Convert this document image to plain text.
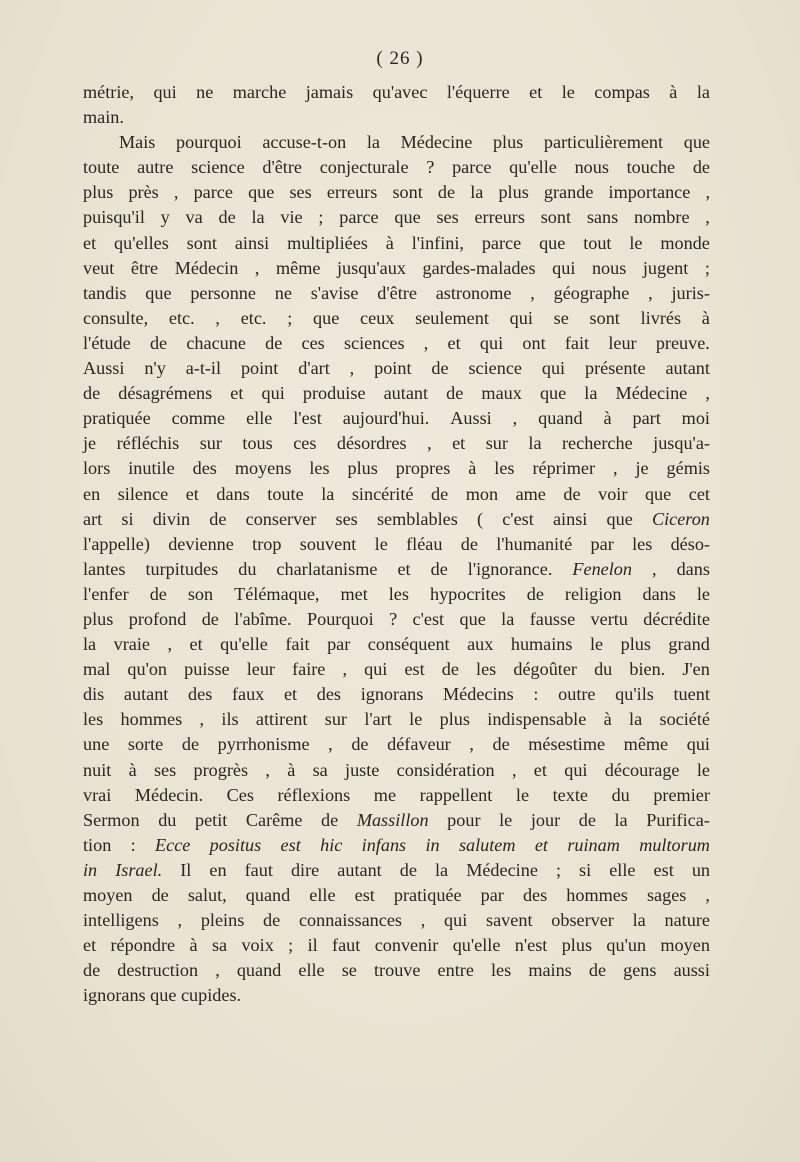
( 26 )
métrie, qui ne marche jamais qu'avec l'équerre et le compas à la
main.
Mais pourquoi accuse-t-on la Médecine plus particulièrement que
toute autre science d'être conjecturale ? parce qu'elle nous touche de
plus près , parce que ses erreurs sont de la plus grande importance ,
puisqu'il y va de la vie ; parce que ses erreurs sont sans nombre ,
et qu'elles sont ainsi multipliées à l'infini, parce que tout le monde
veut être Médecin , même jusqu'aux gardes-malades qui nous jugent ;
tandis que personne ne s'avise d'être astronome , géographe , juris-
consulte, etc. , etc. ; que ceux seulement qui se sont livrés à
l'étude de chacune de ces sciences , et qui ont fait leur preuve.
Aussi n'y a-t-il point d'art , point de science qui présente autant
de désagrémens et qui produise autant de maux que la Médecine ,
pratiquée comme elle l'est aujourd'hui. Aussi , quand à part moi
je réfléchis sur tous ces désordres , et sur la recherche jusqu'a-
lors inutile des moyens les plus propres à les réprimer , je gémis
en silence et dans toute la sincérité de mon ame de voir que cet
art si divin de conserver ses semblables ( c'est ainsi que Ciceron
l'appelle) devienne trop souvent le fléau de l'humanité par les déso-
lantes turpitudes du charlatanisme et de l'ignorance. Fenelon , dans
l'enfer de son Télémaque, met les hypocrites de religion dans le
plus profond de l'abîme. Pourquoi ? c'est que la fausse vertu décrédite
la vraie , et qu'elle fait par conséquent aux humains le plus grand
mal qu'on puisse leur faire , qui est de les dégoûter du bien. J'en
dis autant des faux et des ignorans Médecins : outre qu'ils tuent
les hommes , ils attirent sur l'art le plus indispensable à la société
une sorte de pyrrhonisme , de défaveur , de mésestime même qui
nuit à ses progrès , à sa juste considération , et qui décourage le
vrai Médecin. Ces réflexions me rappellent le texte du premier
Sermon du petit Carême de Massillon pour le jour de la Purifica-
tion : Ecce positus est hic infans in salutem et ruinam multorum
in Israel. Il en faut dire autant de la Médecine ; si elle est un
moyen de salut, quand elle est pratiquée par des hommes sages ,
intelligens , pleins de connaissances , qui savent observer la nature
et répondre à sa voix ; il faut convenir qu'elle n'est plus qu'un moyen
de destruction , quand elle se trouve entre les mains de gens aussi
ignorans que cupides.
